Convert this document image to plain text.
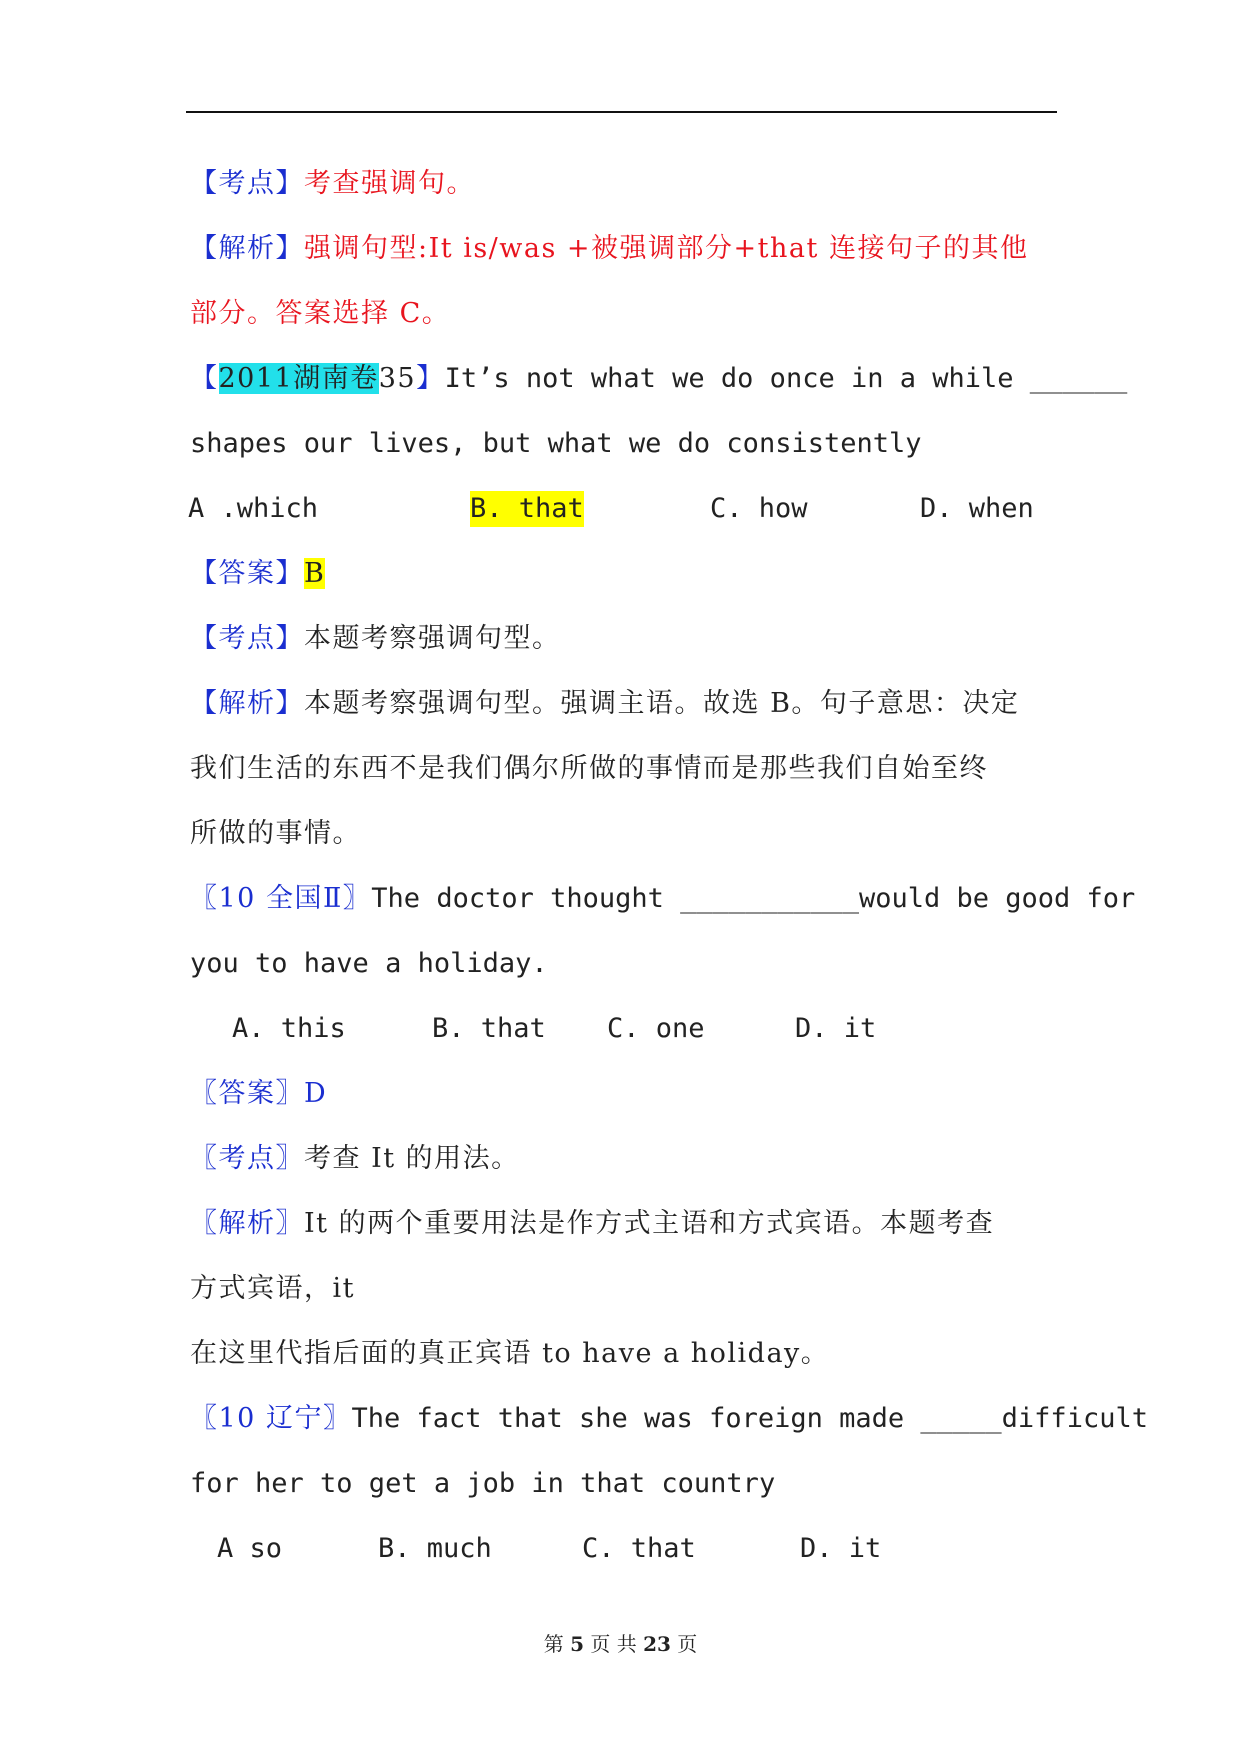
【考点】考查强调句。
【解析】强调句型:It is/was +被强调部分+that 连接句子的其他
部分。答案选择 C。
【2011湖南卷35】It’s not what we do once in a while ______
shapes our lives, but what we do consistently
A .which	B. that	C. how	D. when
【答案】B
【考点】本题考察强调句型。
【解析】本题考察强调句型。强调主语。故选 B。句子意思：决定
我们生活的东西不是我们偶尔所做的事情而是那些我们自始至终
所做的事情。
〖10 全国Ⅱ〗The doctor thought ___________would be good for
you to have a holiday.
A. this	B. that C. one	D. it
〖答案〗D
〖考点〗考查 It 的用法。
〖解析〗It 的两个重要用法是作方式主语和方式宾语。本题考查
方式宾语，it
在这里代指后面的真正宾语 to have a holiday。
〖10 辽宁〗The fact that she was foreign made _____difficult
for her to get a job in that country
A so	B. much	C. that	D. it
第 5 页 共 23 页
